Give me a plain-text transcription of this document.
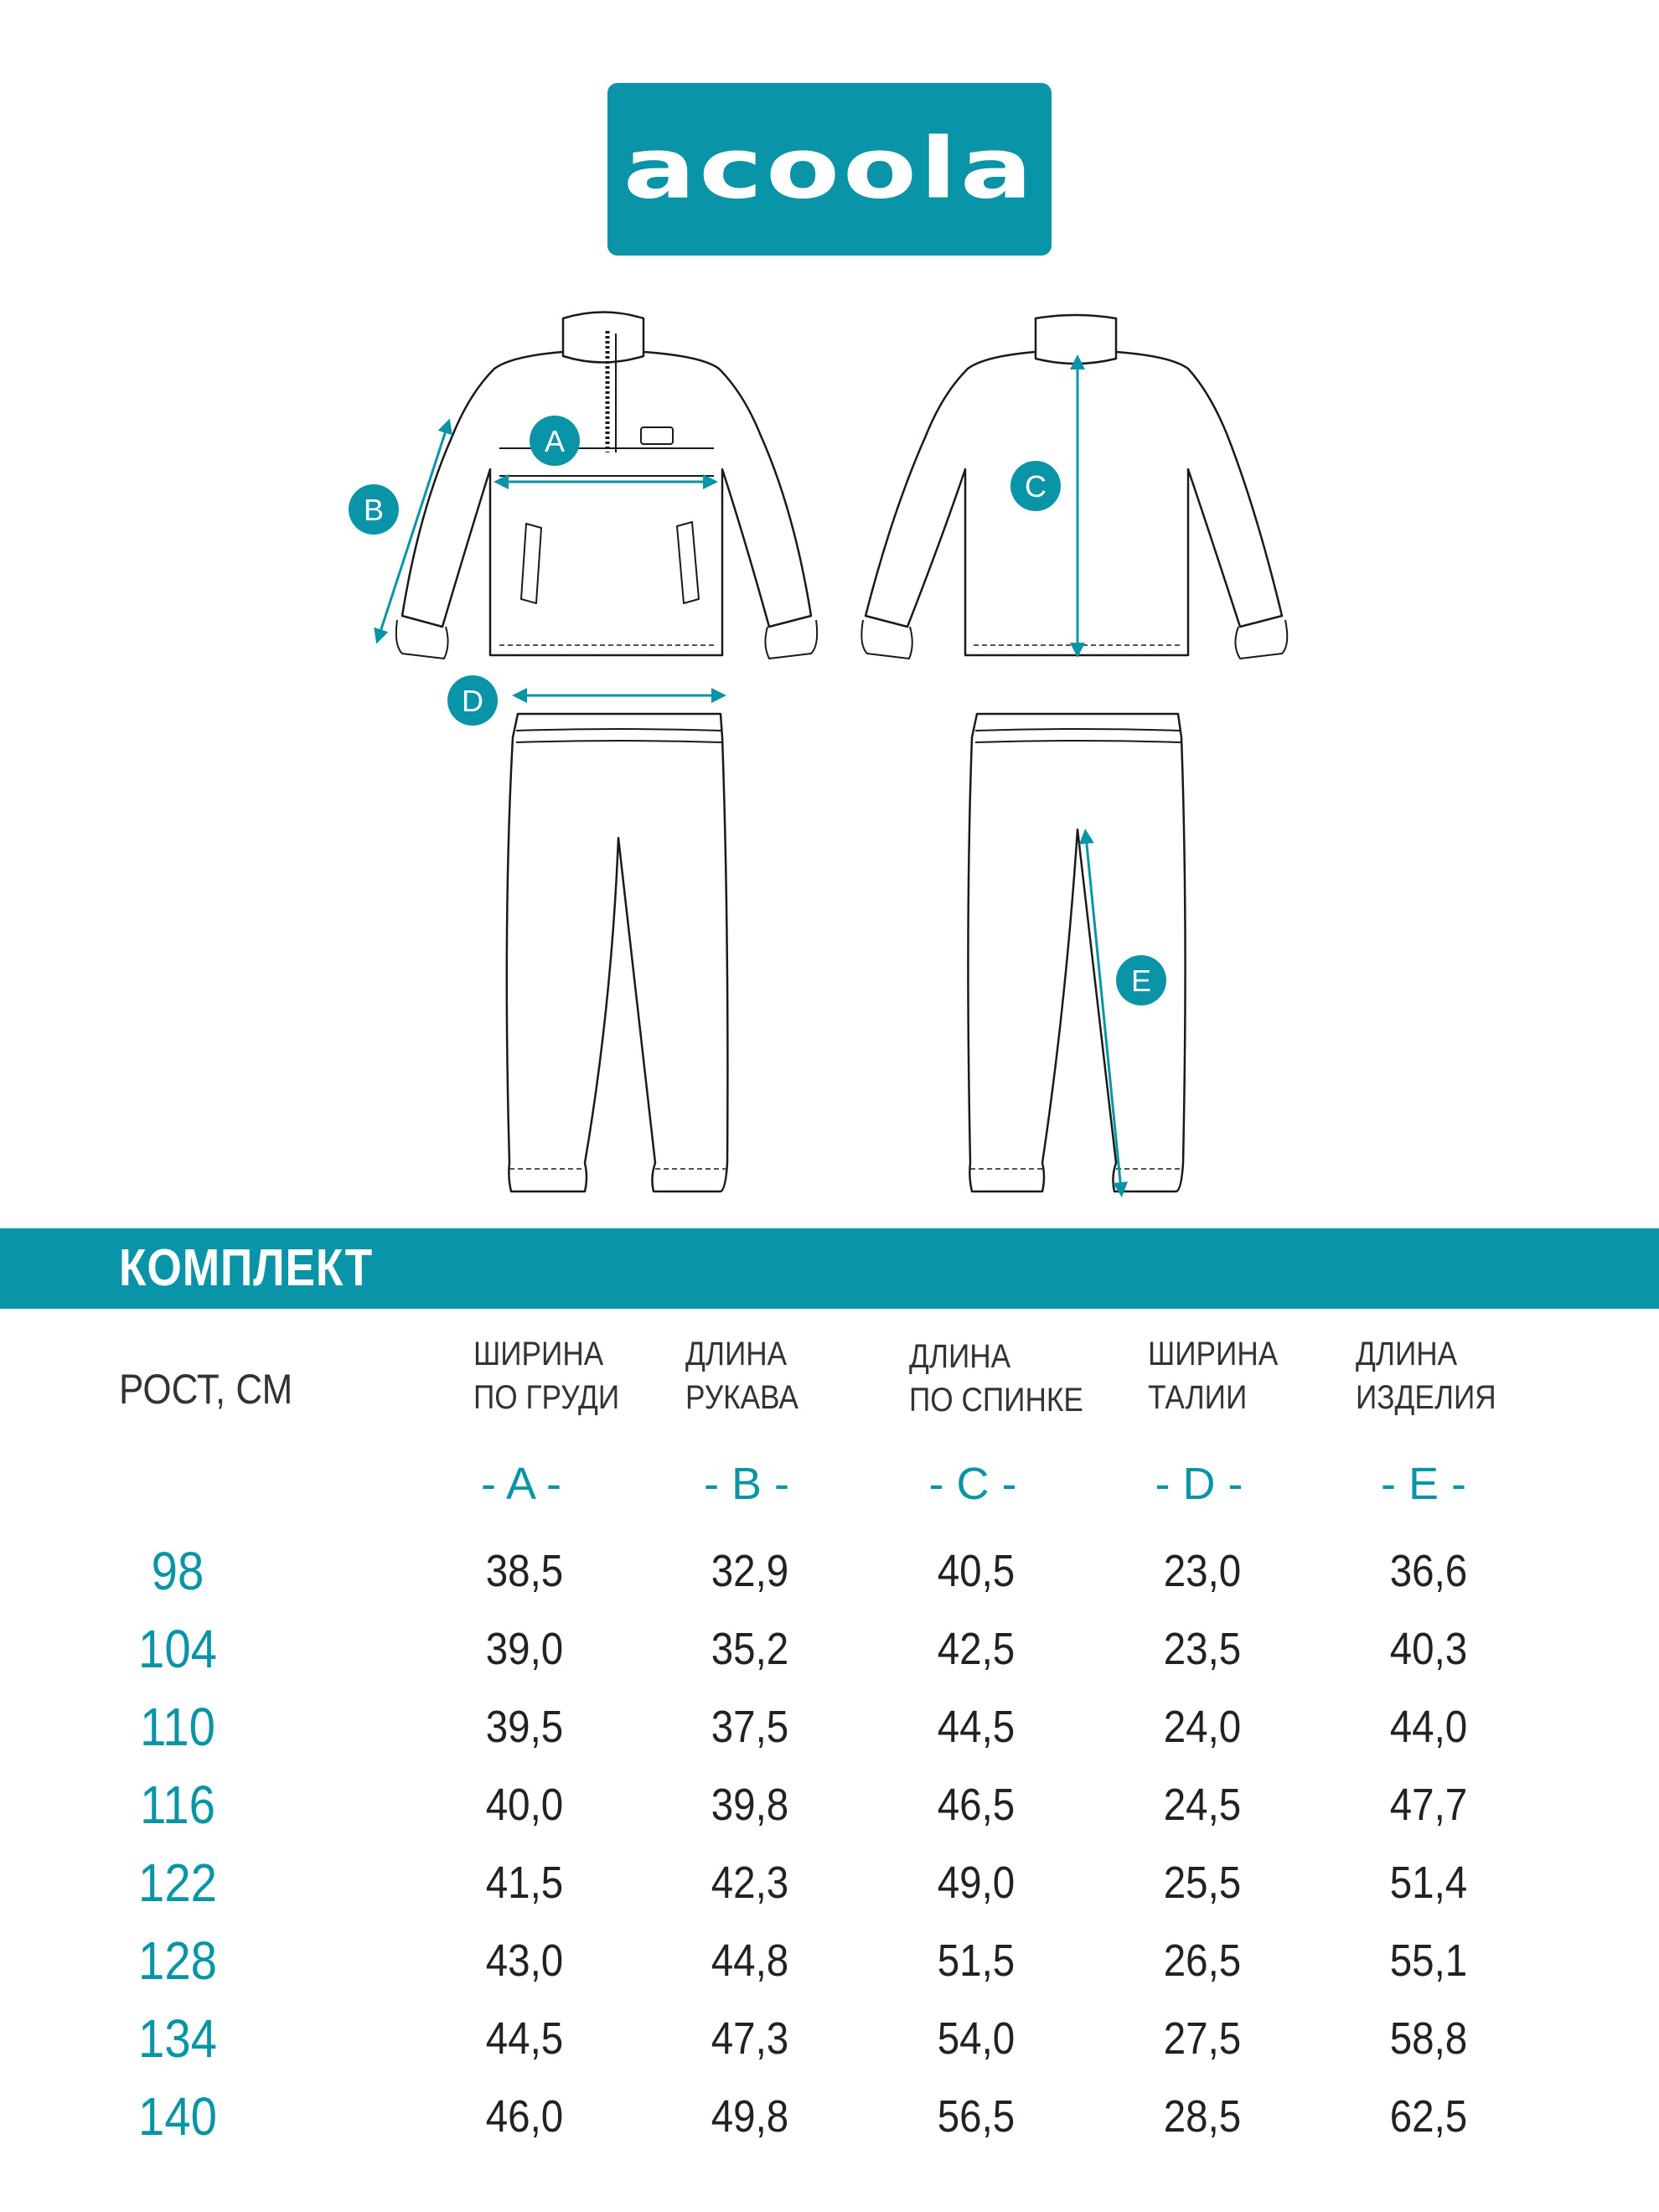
acoola
A
B
C
D
E
КОМПЛЕКТ
РОСТ, СМ
ШИРИНА
ПО ГРУДИ
ДЛИНА
РУКАВА
ДЛИНА
ПО СПИНКЕ
ШИРИНА
ТАЛИИ
ДЛИНА
ИЗДЕЛИЯ
- A -	- B -	- C -	- D -	- E -
98	38,5	32,9	40,5	23,0	36,6
104	39,0	35,2	42,5	23,5	40,3
110	39,5	37,5	44,5	24,0	44,0
116	40,0	39,8	46,5	24,5	47,7
122	41,5	42,3	49,0	25,5	51,4
128	43,0	44,8	51,5	26,5	55,1
134	44,5	47,3	54,0	27,5	58,8
140	46,0	49,8	56,5	28,5	62,5
